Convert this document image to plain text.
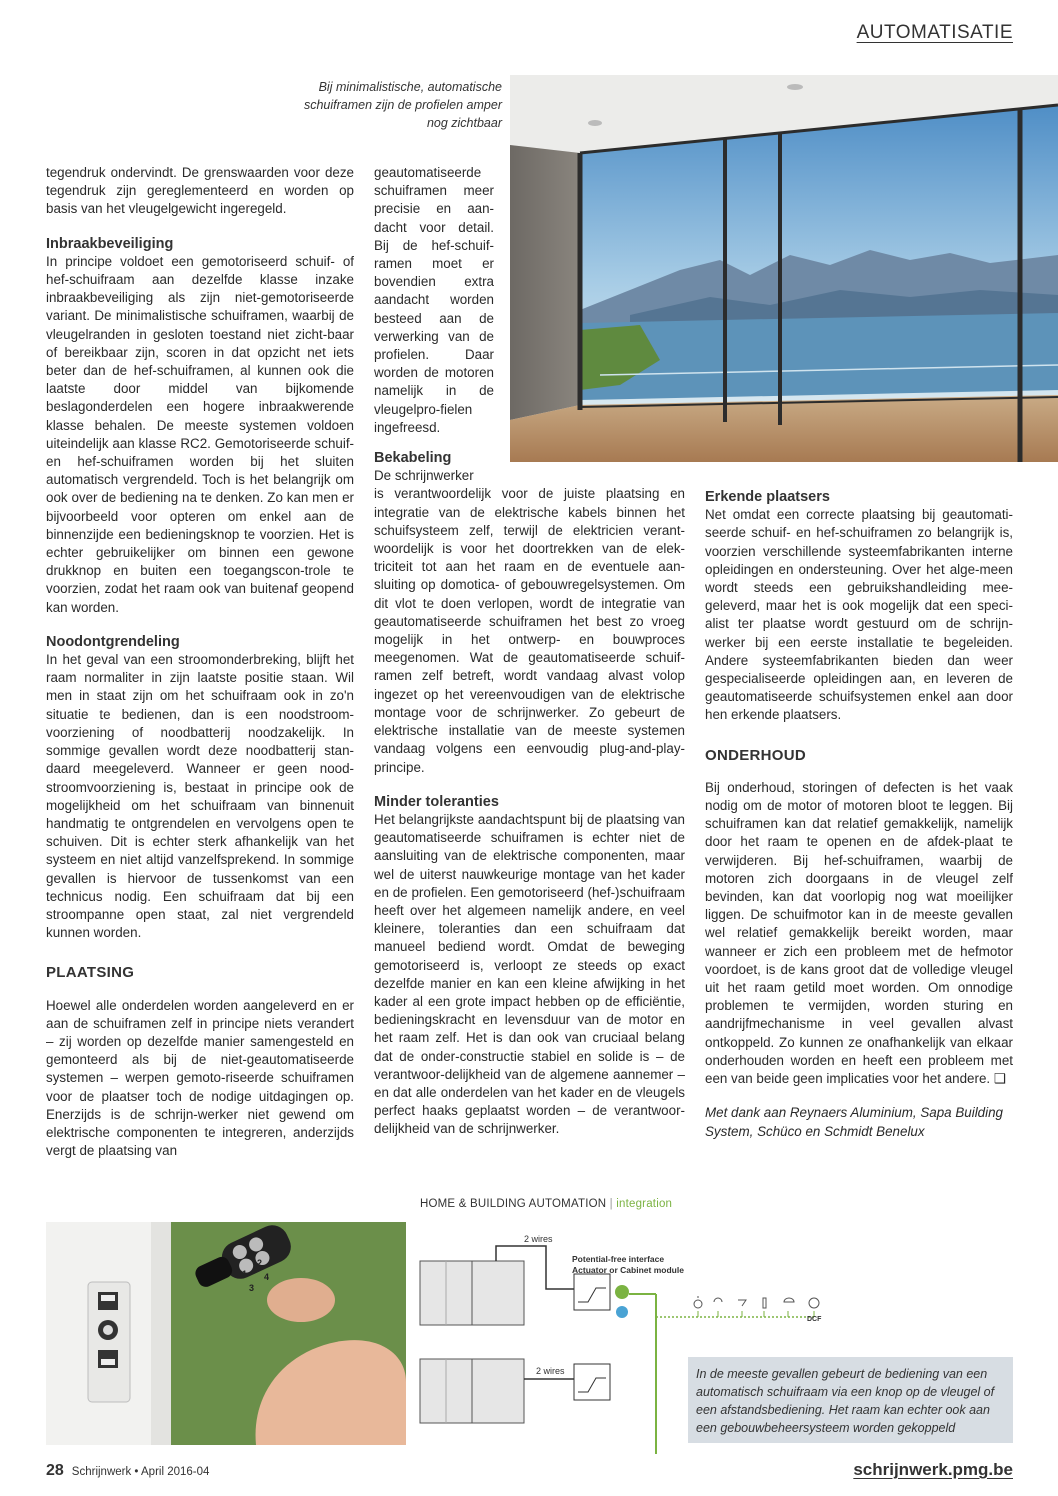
AUTOMATISATIE

Bij minimalistische, automatische schuiframen zijn de profielen amper nog zichtbaar

tegendruk ondervindt. De grenswaarden voor deze tegendruk zijn gereglementeerd en worden op basis van het vleugelgewicht ingeregeld.

Inbraakbeveiliging

In principe voldoet een gemotoriseerd schuif- of hef-schuifraam aan dezelfde klasse inzake inbraakbeveiliging als zijn niet-gemotoriseerde variant. De minimalistische schuiframen, waarbij de vleugelranden in gesloten toestand niet zicht-baar of bereikbaar zijn, scoren in dat opzicht net iets beter dan de hef-schuiframen, al kunnen ook die laatste door middel van bijkomende beslagonderdelen een hogere inbraakwerende klasse behalen. De meeste systemen voldoen uiteindelijk aan klasse RC2. Gemotoriseerde schuif- en hef-schuiframen worden bij het sluiten automatisch vergrendeld. Toch is het belangrijk om ook over de bediening na te denken. Zo kan men er bijvoorbeeld voor opteren om enkel aan de binnenzijde een bedieningsknop te voorzien. Het is echter gebruikelijker om binnen een gewone drukknop en buiten een toegangscon-trole te voorzien, zodat het raam ook van buitenaf geopend kan worden.

Noodontgrendeling

In het geval van een stroomonderbreking, blijft het raam normaliter in zijn laatste positie staan. Wil men in staat zijn om het schuifraam ook in zo'n situatie te bedienen, dan is een noodstroom-voorziening of noodbatterij noodzakelijk. In sommige gevallen wordt deze noodbatterij stan-daard meegeleverd. Wanneer er geen nood-stroomvoorziening is, bestaat in principe ook de mogelijkheid om het schuifraam van binnenuit handmatig te ontgrendelen en vervolgens open te schuiven. Dit is echter sterk afhankelijk van het systeem en niet altijd vanzelfsprekend. In sommige gevallen is hiervoor de tussenkomst van een technicus nodig. Een schuifraam dat bij een stroompanne open staat, zal niet vergrendeld kunnen worden.

PLAATSING

Hoewel alle onderdelen worden aangeleverd en er aan de schuiframen zelf in principe niets verandert – zij worden op dezelfde manier samengesteld en gemonteerd als bij de niet-geautomatiseerde systemen – werpen gemoto-riseerde schuiframen voor de plaatser toch de nodige uitdagingen op. Enerzijds is de schrijn-werker niet gewend om elektrische componenten te integreren, anderzijds vergt de plaatsing van

geautomatiseerde schuiframen meer precisie en aan-dacht voor detail. Bij de hef-schuif-ramen moet er bovendien extra aandacht worden besteed aan de verwerking van de profielen. Daar worden de motoren namelijk in de vleugelpro-fielen ingefreesd.

Bekabeling

De schrijnwerker

is verantwoordelijk voor de juiste plaatsing en integratie van de elektrische kabels binnen het schuifsysteem zelf, terwijl de elektricien verant-woordelijk is voor het doortrekken van de elek-triciteit tot aan het raam en de eventuele aan-sluiting op domotica- of gebouwregelsystemen. Om dit vlot te doen verlopen, wordt de integratie van geautomatiseerde schuiframen het best zo vroeg mogelijk in het ontwerp- en bouwproces meegenomen. Wat de geautomatiseerde schuif-ramen zelf betreft, wordt vandaag alvast volop ingezet op het vereenvoudigen van de elektrische montage voor de schrijnwerker. Zo gebeurt de elektrische installatie van de meeste systemen vandaag volgens een eenvoudig plug-and-play-principe.

Minder toleranties

Het belangrijkste aandachtspunt bij de plaatsing van geautomatiseerde schuiframen is echter niet de aansluiting van de elektrische componenten, maar wel de uiterst nauwkeurige montage van het kader en de profielen. Een gemotoriseerd (hef-)schuifraam heeft over het algemeen namelijk andere, en veel kleinere, toleranties dan een schuifraam dat manueel bediend wordt. Omdat de beweging gemotoriseerd is, verloopt ze steeds op exact dezelfde manier en kan een kleine afwijking in het kader al een grote impact hebben op de efficiëntie, bedieningskracht en levensduur van de motor en het raam zelf. Het is dan ook van cruciaal belang dat de onder-constructie stabiel en solide is – de verantwoor-delijkheid van de algemene aannemer – en dat alle onderdelen van het kader en de vleugels perfect haaks geplaatst worden – de verantwoor-delijkheid van de schrijnwerker.

Erkende plaatsers

Net omdat een correcte plaatsing bij geautomati-seerde schuif- en hef-schuiframen zo belangrijk is, voorzien verschillende systeemfabrikanten interne opleidingen en ondersteuning. Over het alge-meen wordt steeds een gebruikshandleiding mee-geleverd, maar het is ook mogelijk dat een speci-alist ter plaatse wordt gestuurd om de schrijn-werker bij een eerste installatie te begeleiden. Andere systeemfabrikanten bieden dan weer gespecialiseerde opleidingen aan, en leveren de geautomatiseerde schuifsystemen enkel aan door hen erkende plaatsers.

ONDERHOUD

Bij onderhoud, storingen of defecten is het vaak nodig om de motor of motoren bloot te leggen. Bij schuiframen kan dat relatief gemakkelijk, namelijk door het raam te openen en de afdek-plaat te verwijderen. Bij hef-schuiframen, waarbij de motoren zich doorgaans in de vleugel zelf bevinden, kan dat voorlopig nog wat moeilijker liggen. De schuifmotor kan in de meeste gevallen wel relatief gemakkelijk bereikt worden, maar wanneer er zich een probleem met de hefmotor voordoet, is de kans groot dat de volledige vleugel uit het raam getild moet worden. Om onnodige problemen te vermijden, worden sturing en aandrijfmechanisme in veel gevallen alvast ontkoppeld. Zo kunnen ze onafhankelijk van elkaar onderhouden worden en heeft een probleem met een van beide geen implicaties voor het andere. ❑

Met dank aan Reynaers Aluminium, Sapa Building System, Schüco en Schmidt Benelux

1
2
3
4
HOME & BUILDING AUTOMATION | integration
2 wires
2 wires
Potential-free interface
Actuator or Cabinet module
DCF
In de meeste gevallen gebeurt de bediening van een automatisch schuifraam via een knop op de vleugel of een afstandsbediening. Het raam kan echter ook aan een gebouwbeheersysteem worden gekoppeld
28 Schrijnwerk • April 2016-04	schrijnwerk.pmg.be
